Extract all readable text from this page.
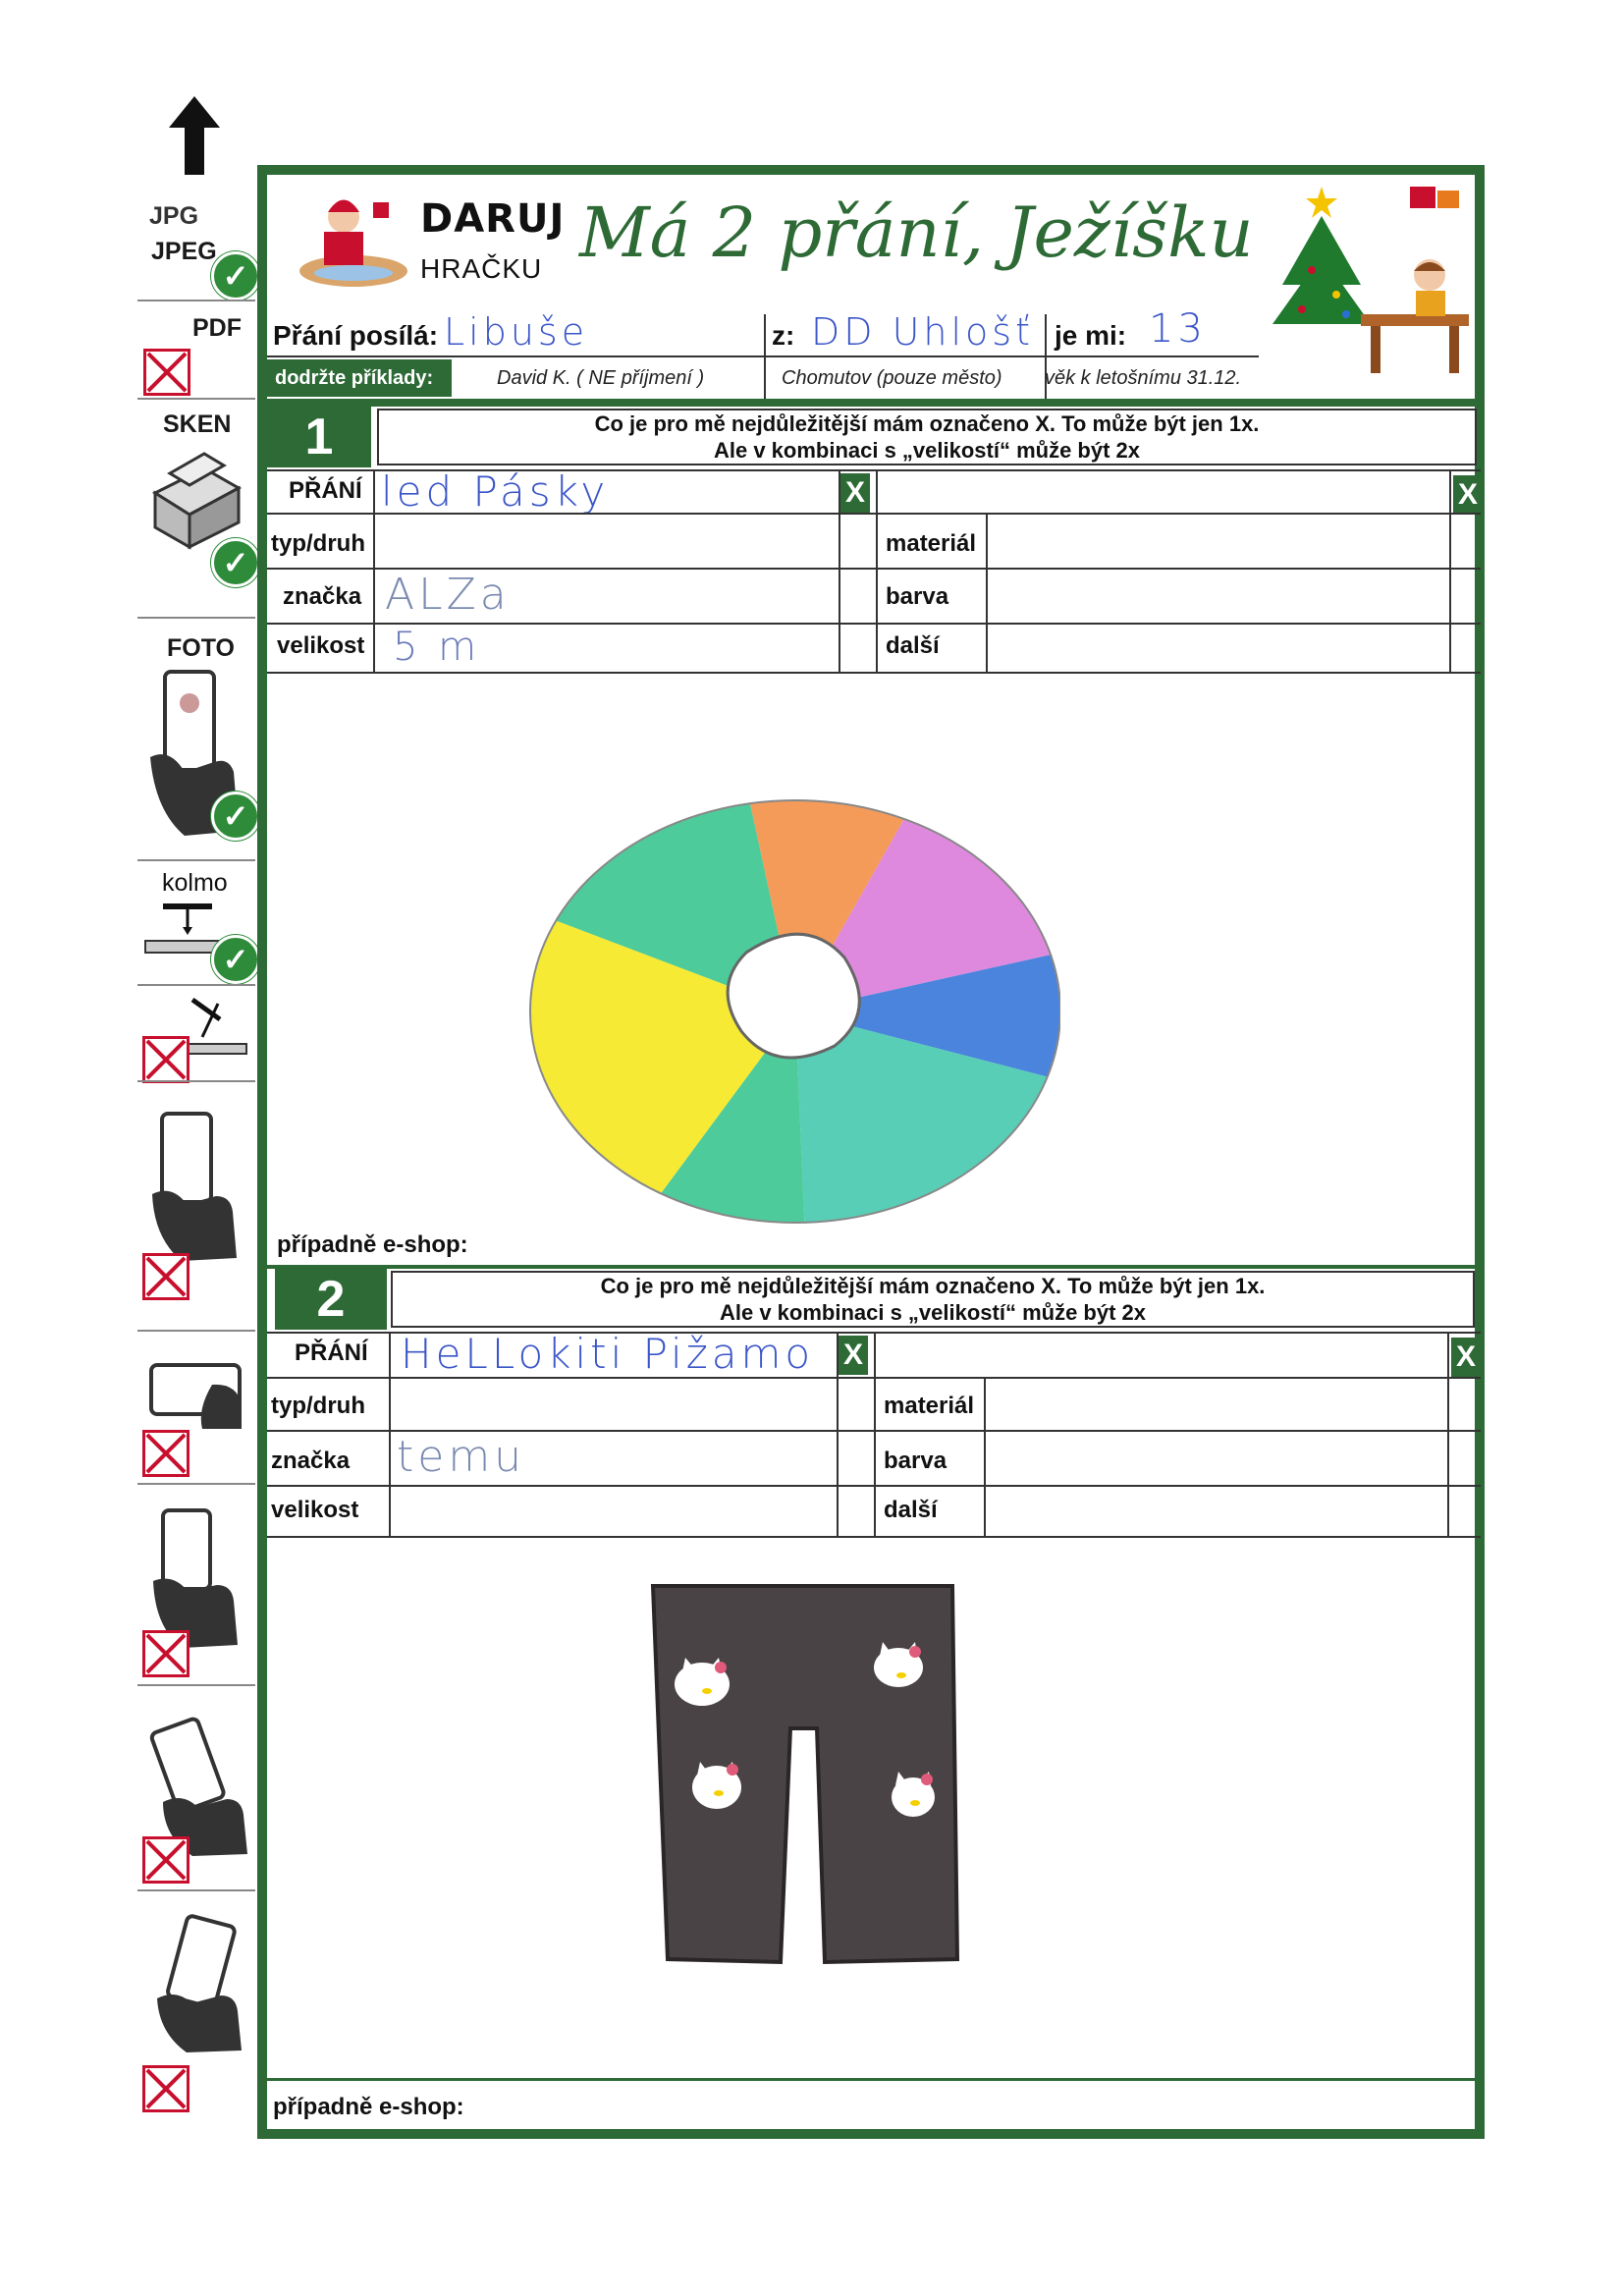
JPG
JPEG
✓
PDF
SKEN
✓
FOTO
✓
kolmo
✓
DARUJ
HRAČKU Má 2 přání, Ježíšku
Přání posílá: Libuše	z: DD Uhlošť je mi: 13
dodržte příklady:	David K. ( NE příjmení )	Chomutov (pouze město) věk k letošnímu 31.12.
1	Co je pro mě nejdůležitější mám označeno X. To může být jen 1x.
Ale v kombinaci s „velikostí“ může být 2x
PŘÁNÍ led Pásky	X	X
typ/druh	materiál
značka ALZa	barva
velikost 5 m	další
případně e-shop:
2	Co je pro mě nejdůležitější mám označeno X. To může být jen 1x.
Ale v kombinaci s „velikostí“ může být 2x
PŘÁNÍ HeLLokiti Pižamo X	X
typ/druh	materiál
značka temu	barva
velikost	další
případně e-shop:
